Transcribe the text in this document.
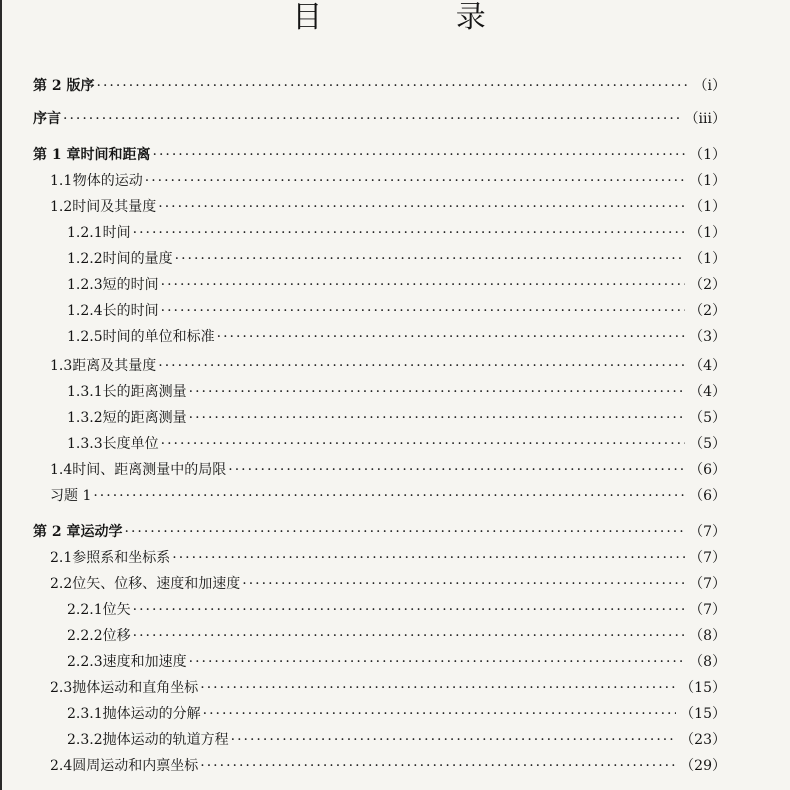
目 录
第 2 版序 ·····	（ⅰ）
序言 ·····	（ⅲ）
第 1 章 时间和距离 ·····	（1）
1.1 物体的运动 ·····	（1）
1.2 时间及其量度 ·····	（1）
1.2.1 时间 ·····	（1）
1.2.2 时间的量度 ·····	（1）
1.2.3 短的时间 ·····	（2）
1.2.4 长的时间 ·····	（2）
1.2.5 时间的单位和标准 ·····	（3）
1.3 距离及其量度 ·····	（4）
1.3.1 长的距离测量 ·····	（4）
1.3.2 短的距离测量 ·····	（5）
1.3.3 长度单位 ·····	（5）
1.4 时间、距离测量中的局限 ·····	（6）
习题 1 ·····	（6）
第 2 章 运动学 ·····	（7）
2.1 参照系和坐标系 ·····	（7）
2.2 位矢、位移、速度和加速度 ·····	（7）
2.2.1 位矢 ·····	（7）
2.2.2 位移 ·····	（8）
2.2.3 速度和加速度 ·····	（8）
2.3 抛体运动和直角坐标 ·····	（15）
2.3.1 抛体运动的分解 ·····	（15）
2.3.2 抛体运动的轨道方程 ·····	（23）
2.4 圆周运动和内禀坐标 ·····	（29）
